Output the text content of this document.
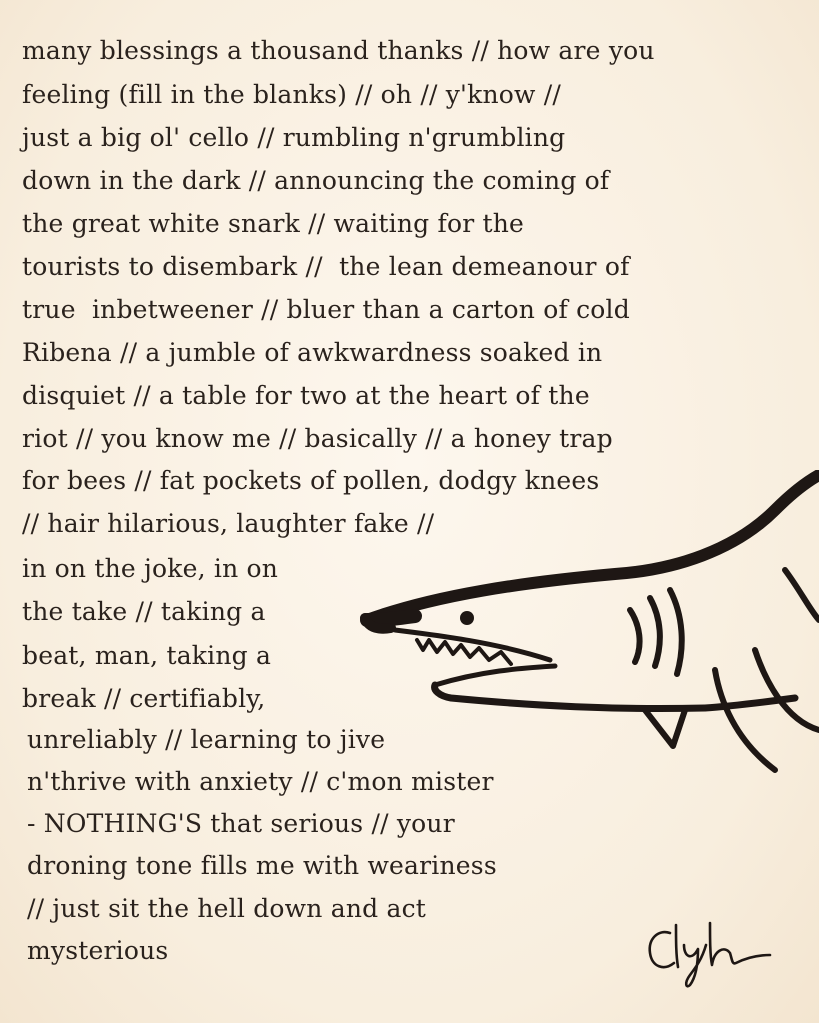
many blessings a thousand thanks // how are you
feeling (fill in the blanks) // oh // y'know //
just a big ol' cello // rumbling n'grumbling
down in the dark // announcing the coming of
the great white snark // waiting for the
tourists to disembark //  the lean demeanour of
true  inbetweener // bluer than a carton of cold
Ribena // a jumble of awkwardness soaked in
disquiet // a table for two at the heart of the
riot // you know me // basically // a honey trap
for bees // fat pockets of pollen, dodgy knees
// hair hilarious, laughter fake //
in on the joke, in on
the take // taking a
beat, man, taking a
break // certifiably,
unreliably // learning to jive
n'thrive with anxiety // c'mon mister
- NOTHING'S that serious // your
droning tone fills me with weariness
// just sit the hell down and act
mysterious
